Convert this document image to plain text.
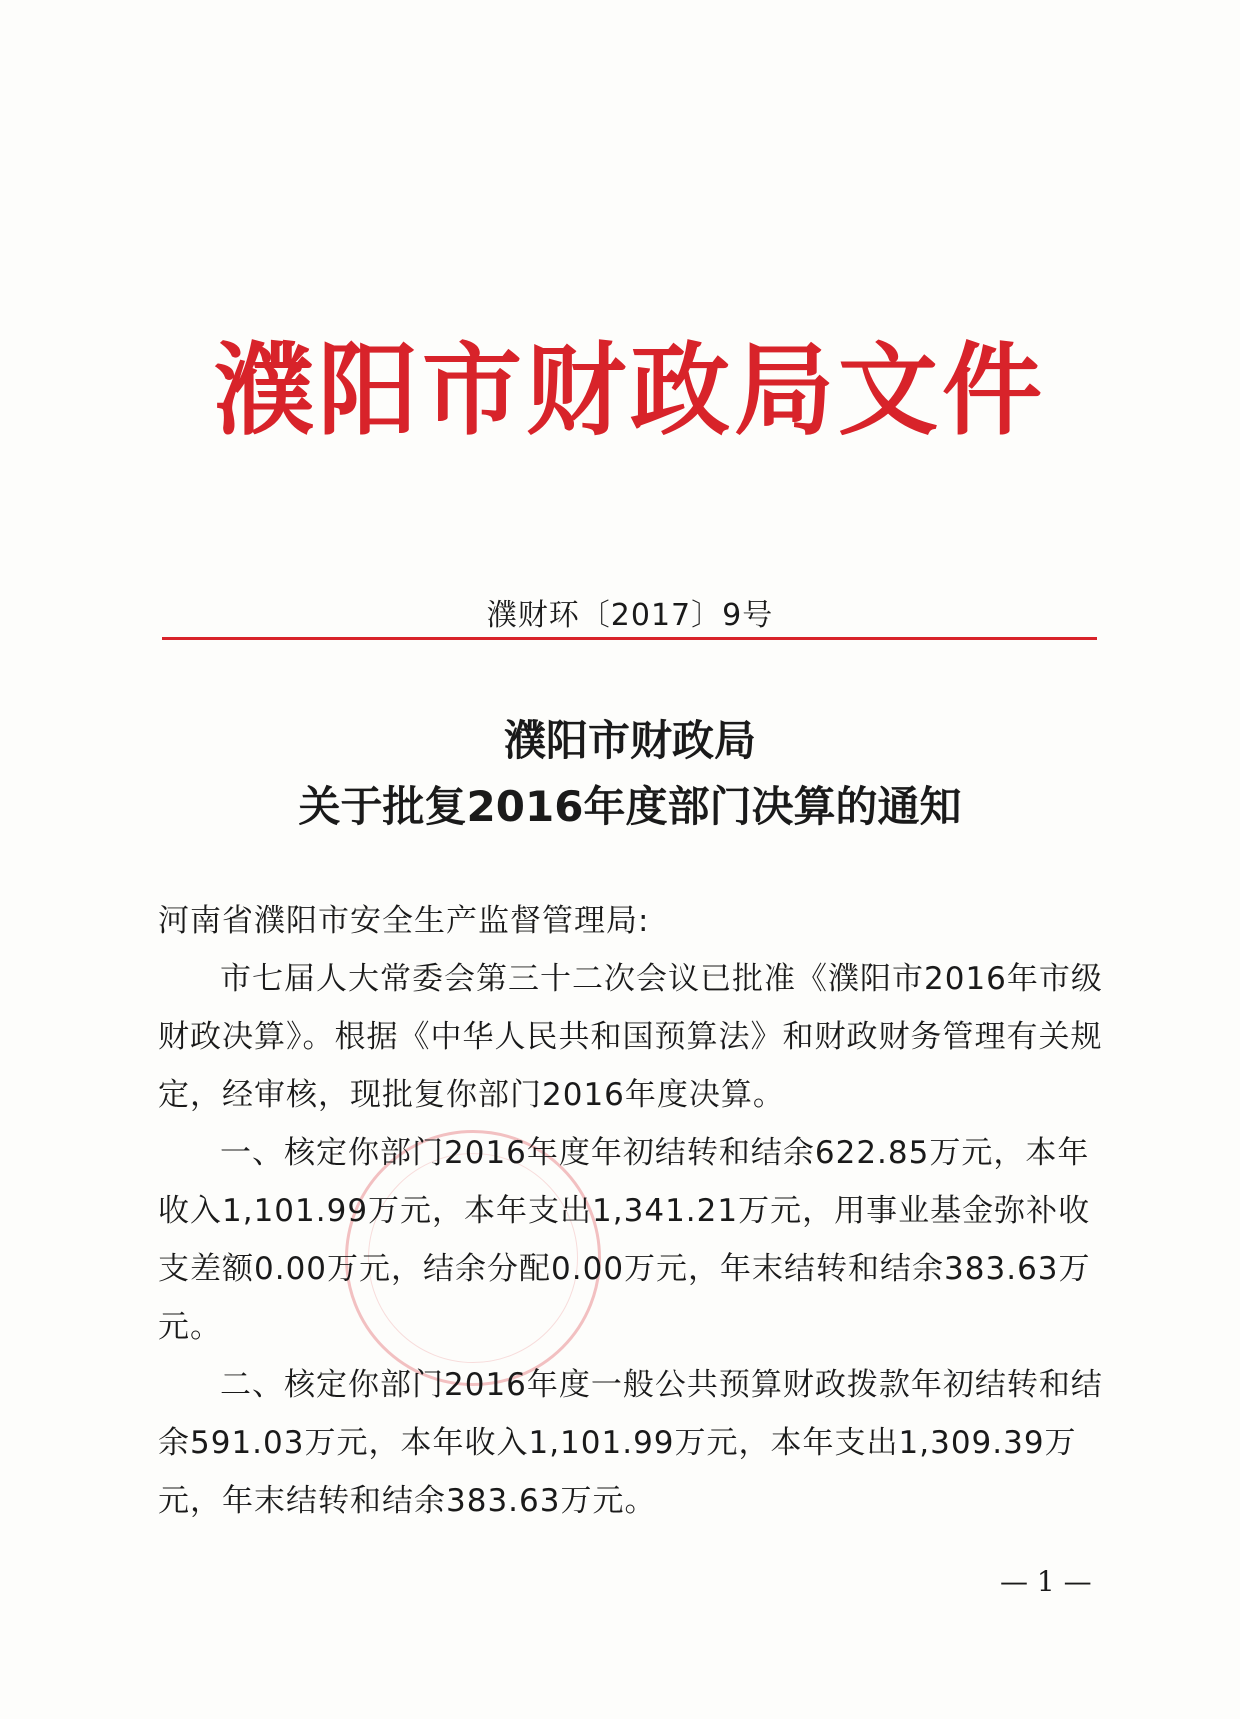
濮阳市财政局文件
濮财环〔2017〕9号
濮阳市财政局
关于批复2016年度部门决算的通知

河南省濮阳市安全生产监督管理局:

市七届人大常委会第三十二次会议已批准《濮阳市2016年市级财政决算》。根据《中华人民共和国预算法》和财政财务管理有关规定，经审核，现批复你部门2016年度决算。

一、核定你部门2016年度年初结转和结余622.85万元，本年收入1,101.99万元，本年支出1,341.21万元，用事业基金弥补收支差额0.00万元，结余分配0.00万元，年末结转和结余383.63万元。

二、核定你部门2016年度一般公共预算财政拨款年初结转和结余591.03万元，本年收入1,101.99万元，本年支出1,309.39万元，年末结转和结余383.63万元。

— 1 —
